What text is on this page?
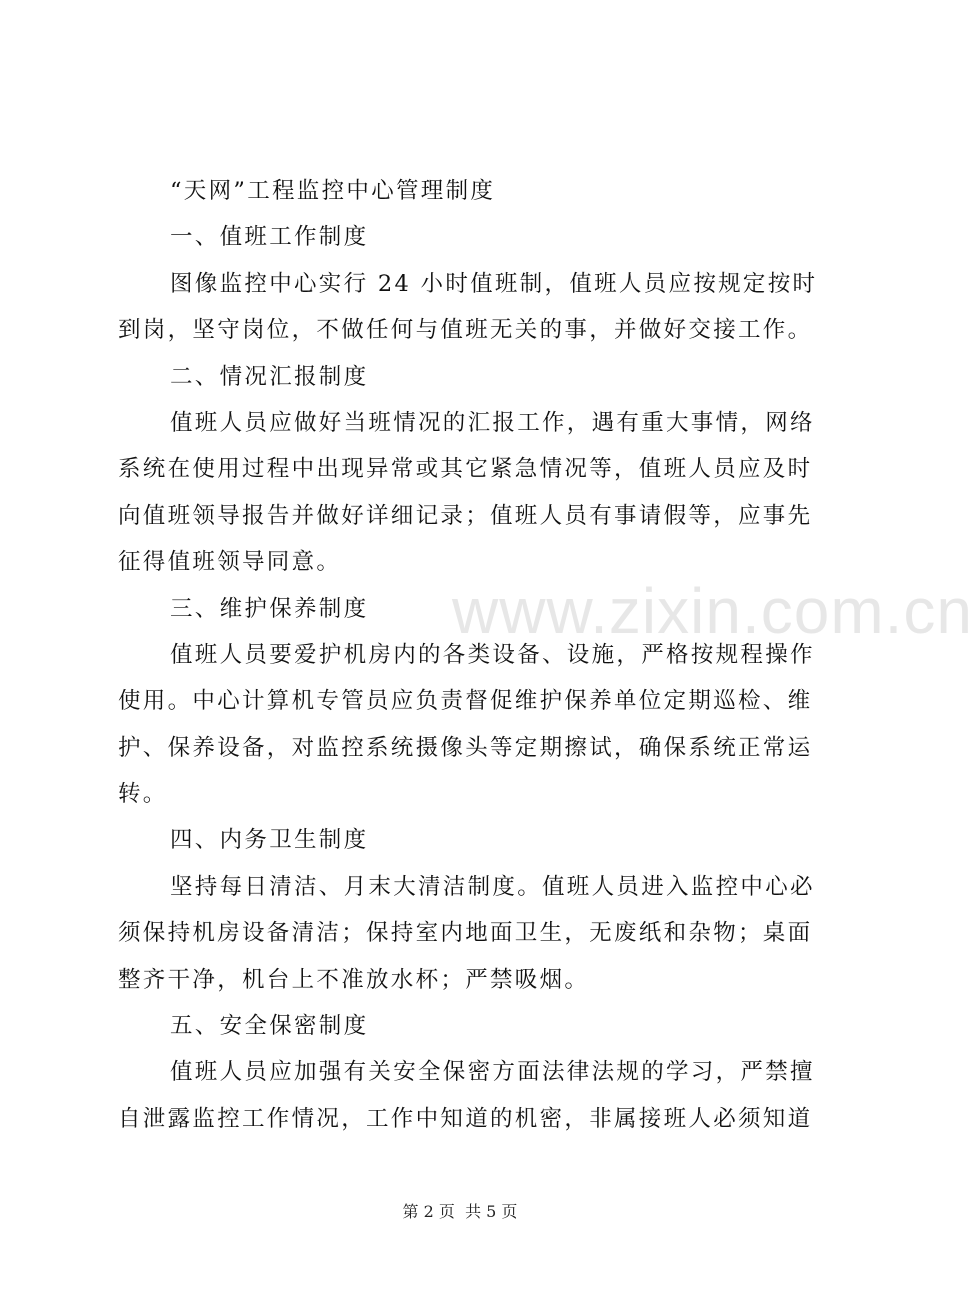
“天网”工程监控中心管理制度
一、值班工作制度
图像监控中心实行 24 小时值班制，值班人员应按规定按时
到岗，坚守岗位，不做任何与值班无关的事，并做好交接工作。
二、情况汇报制度
值班人员应做好当班情况的汇报工作，遇有重大事情，网络
系统在使用过程中出现异常或其它紧急情况等，值班人员应及时
向值班领导报告并做好详细记录；值班人员有事请假等，应事先
征得值班领导同意。
三、维护保养制度
值班人员要爱护机房内的各类设备、设施，严格按规程操作
使用。中心计算机专管员应负责督促维护保养单位定期巡检、维
护、保养设备，对监控系统摄像头等定期擦试，确保系统正常运
转。
四、内务卫生制度
坚持每日清洁、月末大清洁制度。值班人员进入监控中心必
须保持机房设备清洁；保持室内地面卫生，无废纸和杂物；桌面
整齐干净，机台上不准放水杯；严禁吸烟。
五、安全保密制度
值班人员应加强有关安全保密方面法律法规的学习，严禁擅
自泄露监控工作情况，工作中知道的机密，非属接班人必须知道
www.zixin.com.cn
第 2 页  共 5 页
